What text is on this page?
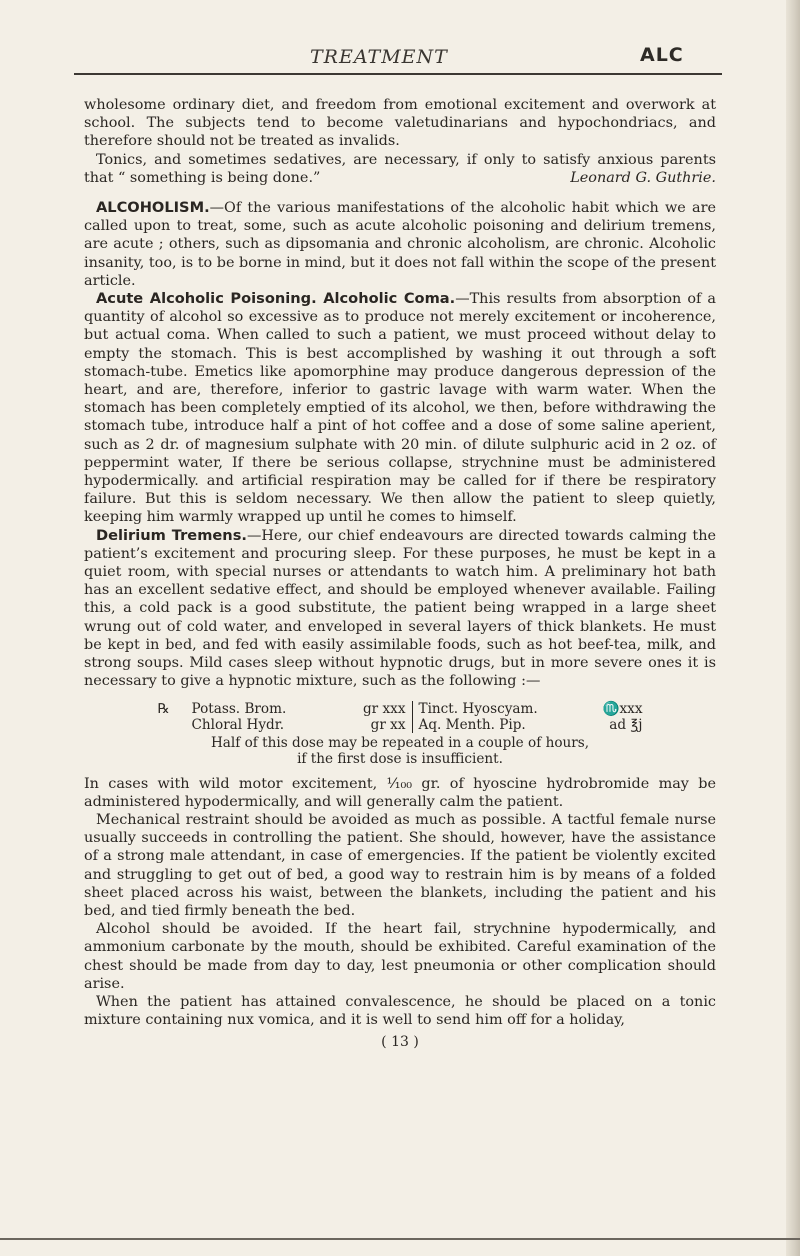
TREATMENT	ALC

wholesome ordinary diet, and freedom from emotional excitement and overwork at school. The subjects tend to become valetudinarians and hypochondriacs, and therefore should not be treated as invalids.

Tonics, and sometimes sedatives, are necessary, if only to satisfy anxious parents that “ something is being done.”	Leonard G. Guthrie.

ALCOHOLISM.—Of the various manifestations of the alcoholic habit which we are called upon to treat, some, such as acute alcoholic poisoning and delirium tremens, are acute ; others, such as dipsomania and chronic alcoholism, are chronic. Alcoholic insanity, too, is to be borne in mind, but it does not fall within the scope of the present article.

Acute Alcoholic Poisoning. Alcoholic Coma.—This results from absorption of a quantity of alcohol so excessive as to produce not merely excitement or incoherence, but actual coma. When called to such a patient, we must proceed without delay to empty the stomach. This is best accomplished by washing it out through a soft stomach-tube. Emetics like apomorphine may produce dangerous depression of the heart, and are, therefore, inferior to gastric lavage with warm water. When the stomach has been completely emptied of its alcohol, we then, before withdrawing the stomach tube, introduce half a pint of hot coffee and a dose of some saline aperient, such as 2 dr. of magnesium sulphate with 20 min. of dilute sulphuric acid in 2 oz. of peppermint water, If there be serious collapse, strychnine must be administered hypodermically. and artificial respiration may be called for if there be respiratory failure. But this is seldom necessary. We then allow the patient to sleep quietly, keeping him warmly wrapped up until he comes to himself.

Delirium Tremens.—Here, our chief endeavours are directed towards calming the patient’s excitement and procuring sleep. For these purposes, he must be kept in a quiet room, with special nurses or attendants to watch him. A preliminary hot bath has an excellent sedative effect, and should be employed whenever available. Failing this, a cold pack is a good substitute, the patient being wrapped in a large sheet wrung out of cold water, and enveloped in several layers of thick blankets. He must be kept in bed, and fed with easily assimilable foods, such as hot beef-tea, milk, and strong soups. Mild cases sleep without hypnotic drugs, but in more severe ones it is necessary to give a hypnotic mixture, such as the following :—

℞	Potass. Brom.	gr xxx	Tinct. Hyoscyam.	♏xxx
	Chloral Hydr.	gr xx	Aq. Menth. Pip.	ad ℥j
Half of this dose may be repeated in a couple of hours, if the first dose is insufficient.

In cases with wild motor excitement, ¹⁄₁₀₀ gr. of hyoscine hydrobromide may be administered hypodermically, and will generally calm the patient.

Mechanical restraint should be avoided as much as possible. A tactful female nurse usually succeeds in controlling the patient. She should, however, have the assistance of a strong male attendant, in case of emergencies. If the patient be violently excited and struggling to get out of bed, a good way to restrain him is by means of a folded sheet placed across his waist, between the blankets, including the patient and his bed, and tied firmly beneath the bed.

Alcohol should be avoided. If the heart fail, strychnine hypodermically, and ammonium carbonate by the mouth, should be exhibited. Careful examination of the chest should be made from day to day, lest pneumonia or other complication should arise.

When the patient has attained convalescence, he should be placed on a tonic mixture containing nux vomica, and it is well to send him off for a holiday,

( 13 )
